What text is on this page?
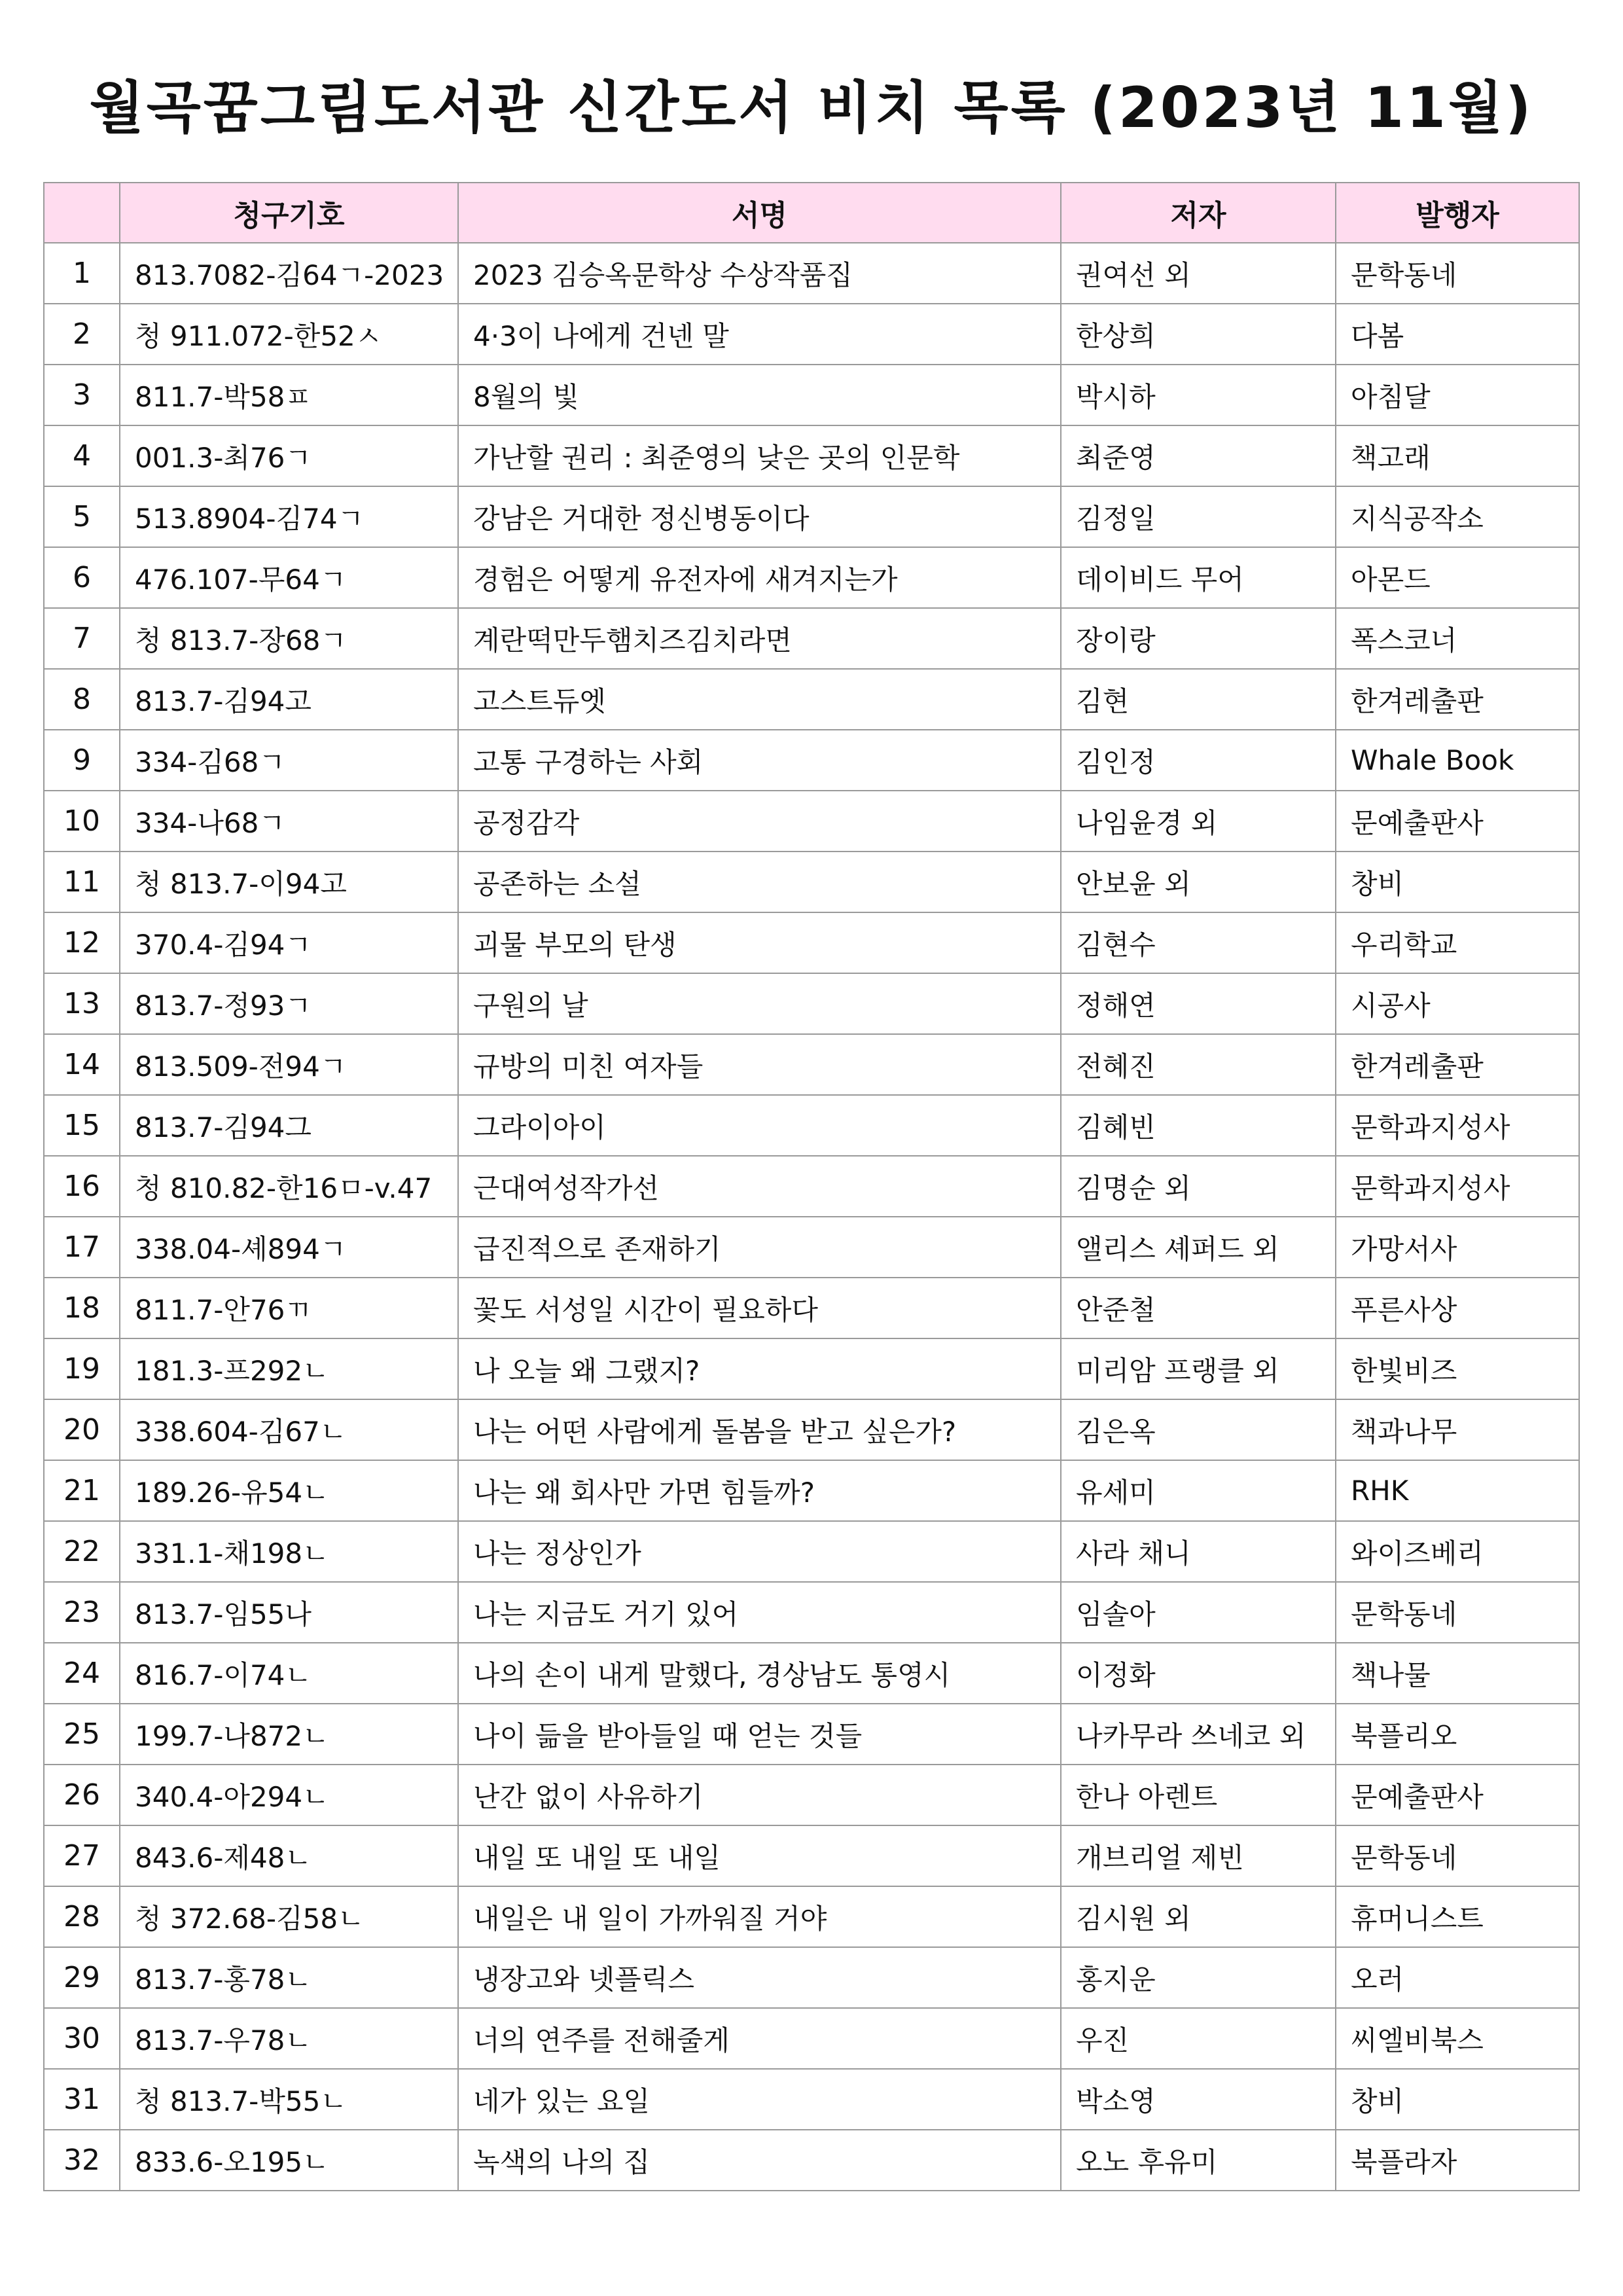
월곡꿈그림도서관 신간도서 비치 목록 (2023년 11월)
	청구기호	서명	저자	발행자
1	813.7082-김64ㄱ-2023	2023 김승옥문학상 수상작품집	권여선 외	문학동네
2	청 911.072-한52ㅅ	4·3이 나에게 건넨 말	한상희	다봄
3	811.7-박58ㅍ	8월의 빛	박시하	아침달
4	001.3-최76ㄱ	가난할 권리 : 최준영의 낮은 곳의 인문학	최준영	책고래
5	513.8904-김74ㄱ	강남은 거대한 정신병동이다	김정일	지식공작소
6	476.107-무64ㄱ	경험은 어떻게 유전자에 새겨지는가	데이비드 무어	아몬드
7	청 813.7-장68ㄱ	계란떡만두햄치즈김치라면	장이랑	폭스코너
8	813.7-김94고	고스트듀엣	김현	한겨레출판
9	334-김68ㄱ	고통 구경하는 사회	김인정	Whale Book
10	334-나68ㄱ	공정감각	나임윤경 외	문예출판사
11	청 813.7-이94고	공존하는 소설	안보윤 외	창비
12	370.4-김94ㄱ	괴물 부모의 탄생	김현수	우리학교
13	813.7-정93ㄱ	구원의 날	정해연	시공사
14	813.509-전94ㄱ	규방의 미친 여자들	전혜진	한겨레출판
15	813.7-김94그	그라이아이	김혜빈	문학과지성사
16	청 810.82-한16ㅁ-v.47	근대여성작가선	김명순 외	문학과지성사
17	338.04-셰894ㄱ	급진적으로 존재하기	앨리스 셰퍼드 외	가망서사
18	811.7-안76ㄲ	꽃도 서성일 시간이 필요하다	안준철	푸른사상
19	181.3-프292ㄴ	나 오늘 왜 그랬지?	미리암 프랭클 외	한빛비즈
20	338.604-김67ㄴ	나는 어떤 사람에게 돌봄을 받고 싶은가?	김은옥	책과나무
21	189.26-유54ㄴ	나는 왜 회사만 가면 힘들까?	유세미	RHK
22	331.1-채198ㄴ	나는 정상인가	사라 채니	와이즈베리
23	813.7-임55나	나는 지금도 거기 있어	임솔아	문학동네
24	816.7-이74ㄴ	나의 손이 내게 말했다, 경상남도 통영시	이정화	책나물
25	199.7-나872ㄴ	나이 듦을 받아들일 때 얻는 것들	나카무라 쓰네코 외	북플리오
26	340.4-아294ㄴ	난간 없이 사유하기	한나 아렌트	문예출판사
27	843.6-제48ㄴ	내일 또 내일 또 내일	개브리얼 제빈	문학동네
28	청 372.68-김58ㄴ	내일은 내 일이 가까워질 거야	김시원 외	휴머니스트
29	813.7-홍78ㄴ	냉장고와 넷플릭스	홍지운	오러
30	813.7-우78ㄴ	너의 연주를 전해줄게	우진	씨엘비북스
31	청 813.7-박55ㄴ	네가 있는 요일	박소영	창비
32	833.6-오195ㄴ	녹색의 나의 집	오노 후유미	북플라자
